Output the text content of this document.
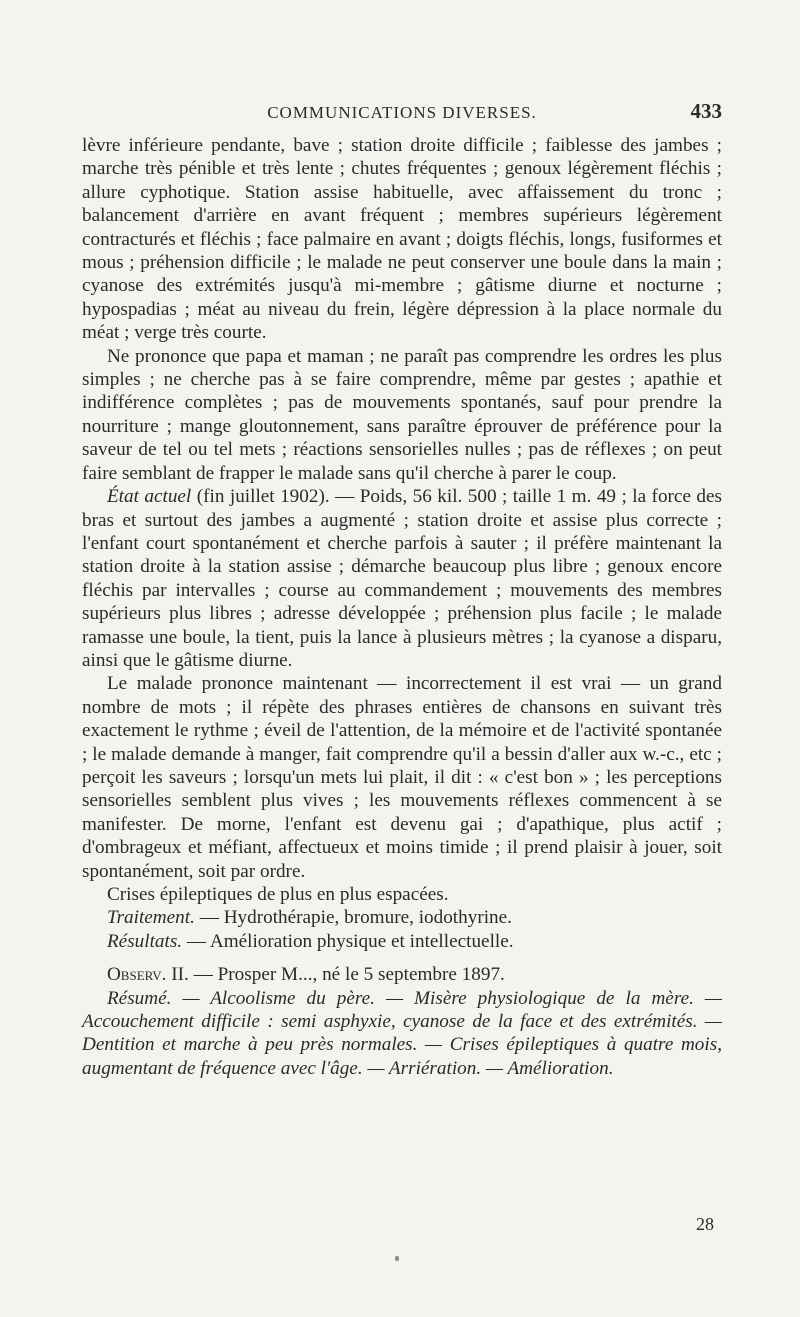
COMMUNICATIONS DIVERSES.	433

lèvre inférieure pendante, bave ; station droite difficile ; faiblesse des jambes ; marche très pénible et très lente ; chutes fréquentes ; genoux légèrement fléchis ; allure cyphotique. Station assise habituelle, avec affaissement du tronc ; balancement d'arrière en avant fréquent ; membres supérieurs légèrement contracturés et fléchis ; face palmaire en avant ; doigts fléchis, longs, fusiformes et mous ; préhension difficile ; le malade ne peut conserver une boule dans la main ; cyanose des extrémités jusqu'à mi-membre ; gâtisme diurne et nocturne ; hypospadias ; méat au niveau du frein, légère dépression à la place normale du méat ; verge très courte.

Ne prononce que papa et maman ; ne paraît pas comprendre les ordres les plus simples ; ne cherche pas à se faire comprendre, même par gestes ; apathie et indifférence complètes ; pas de mouvements spontanés, sauf pour prendre la nourriture ; mange gloutonnement, sans paraître éprouver de préférence pour la saveur de tel ou tel mets ; réactions sensorielles nulles ; pas de réflexes ; on peut faire semblant de frapper le malade sans qu'il cherche à parer le coup.

État actuel (fin juillet 1902). — Poids, 56 kil. 500 ; taille 1 m. 49 ; la force des bras et surtout des jambes a augmenté ; station droite et assise plus correcte ; l'enfant court spontanément et cherche parfois à sauter ; il préfère maintenant la station droite à la station assise ; démarche beaucoup plus libre ; genoux encore fléchis par intervalles ; course au commandement ; mouvements des membres supérieurs plus libres ; adresse développée ; préhension plus facile ; le malade ramasse une boule, la tient, puis la lance à plusieurs mètres ; la cyanose a disparu, ainsi que le gâtisme diurne.

Le malade prononce maintenant — incorrectement il est vrai — un grand nombre de mots ; il répète des phrases entières de chansons en suivant très exactement le rythme ; éveil de l'attention, de la mémoire et de l'activité spontanée ; le malade demande à manger, fait comprendre qu'il a bessin d'aller aux w.-c., etc ; perçoit les saveurs ; lorsqu'un mets lui plait, il dit : « c'est bon » ; les perceptions sensorielles semblent plus vives ; les mouvements réflexes commencent à se manifester. De morne, l'enfant est devenu gai ; d'apathique, plus actif ; d'ombrageux et méfiant, affectueux et moins timide ; il prend plaisir à jouer, soit spontanément, soit par ordre.

Crises épileptiques de plus en plus espacées.

Traitement. — Hydrothérapie, bromure, iodothyrine.

Résultats. — Amélioration physique et intellectuelle.

Observ. II. — Prosper M..., né le 5 septembre 1897.

Résumé. — Alcoolisme du père. — Misère physiologique de la mère. — Accouchement difficile : semi asphyxie, cyanose de la face et des extrémités. — Dentition et marche à peu près normales. — Crises épileptiques à quatre mois, augmentant de fréquence avec l'âge. — Arriération. — Amélioration.

28
